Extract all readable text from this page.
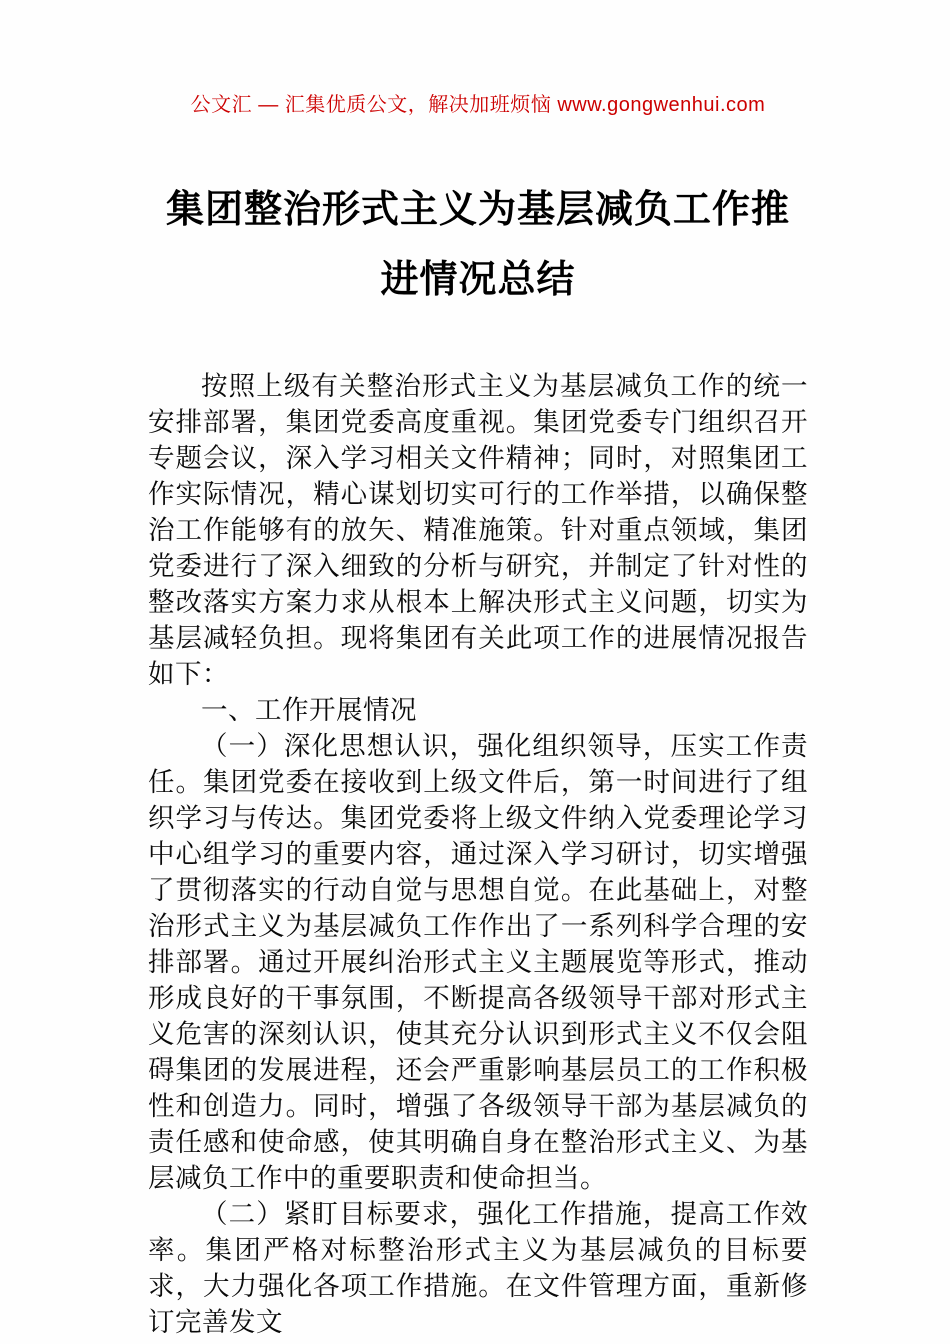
公文汇 — 汇集优质公文，解决加班烦恼 www.gongwenhui.com
集团整治形式主义为基层减负工作推进情况总结

按照上级有关整治形式主义为基层减负工作的统一安排部署，集团党委高度重视。集团党委专门组织召开专题会议，深入学习相关文件精神；同时，对照集团工作实际情况，精心谋划切实可行的工作举措，以确保整治工作能够有的放矢、精准施策。针对重点领域，集团党委进行了深入细致的分析与研究，并制定了针对性的整改落实方案力求从根本上解决形式主义问题，切实为基层减轻负担。现将集团有关此项工作的进展情况报告如下：

一、工作开展情况

（一）深化思想认识，强化组织领导，压实工作责任。集团党委在接收到上级文件后，第一时间进行了组织学习与传达。集团党委将上级文件纳入党委理论学习中心组学习的重要内容，通过深入学习研讨，切实增强了贯彻落实的行动自觉与思想自觉。在此基础上，对整治形式主义为基层减负工作作出了一系列科学合理的安排部署。通过开展纠治形式主义主题展览等形式，推动形成良好的干事氛围，不断提高各级领导干部对形式主义危害的深刻认识，使其充分认识到形式主义不仅会阻碍集团的发展进程，还会严重影响基层员工的工作积极性和创造力。同时，增强了各级领导干部为基层减负的责任感和使命感，使其明确自身在整治形式主义、为基层减负工作中的重要职责和使命担当。

（二）紧盯目标要求，强化工作措施，提高工作效率。集团严格对标整治形式主义为基层减负的目标要求，大力强化各项工作措施。在文件管理方面，重新修订完善发文
